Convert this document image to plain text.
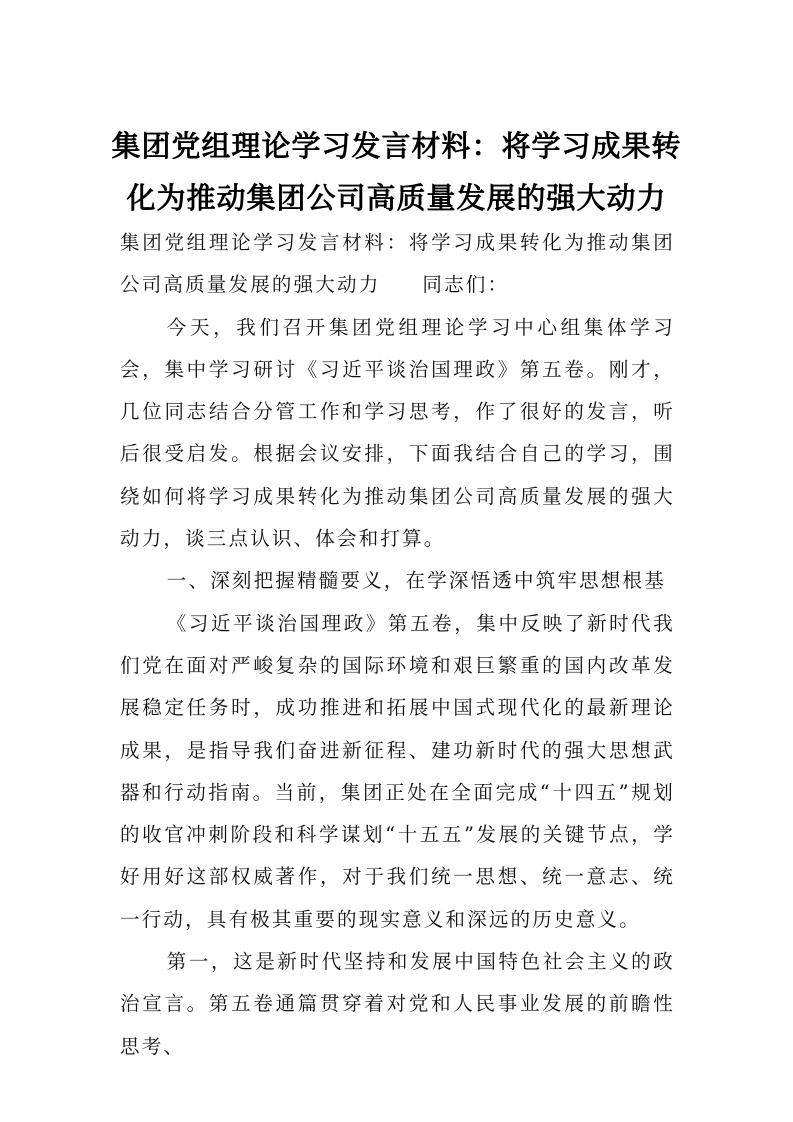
集团党组理论学习发言材料：将学习成果转
化为推动集团公司高质量发展的强大动力

集团党组理论学习发言材料：将学习成果转化为推动集团公司高质量发展的强大动力 同志们：

今天，我们召开集团党组理论学习中心组集体学习会，集中学习研讨《习近平谈治国理政》第五卷。刚才，几位同志结合分管工作和学习思考，作了很好的发言，听后很受启发。根据会议安排，下面我结合自己的学习，围绕如何将学习成果转化为推动集团公司高质量发展的强大动力，谈三点认识、体会和打算。

一、深刻把握精髓要义，在学深悟透中筑牢思想根基

《习近平谈治国理政》第五卷，集中反映了新时代我们党在面对严峻复杂的国际环境和艰巨繁重的国内改革发展稳定任务时，成功推进和拓展中国式现代化的最新理论成果，是指导我们奋进新征程、建功新时代的强大思想武器和行动指南。当前，集团正处在全面完成“十四五”规划的收官冲刺阶段和科学谋划“十五五”发展的关键节点，学好用好这部权威著作，对于我们统一思想、统一意志、统一行动，具有极其重要的现实意义和深远的历史意义。

第一，这是新时代坚持和发展中国特色社会主义的政治宣言。第五卷通篇贯穿着对党和人民事业发展的前瞻性思考、
